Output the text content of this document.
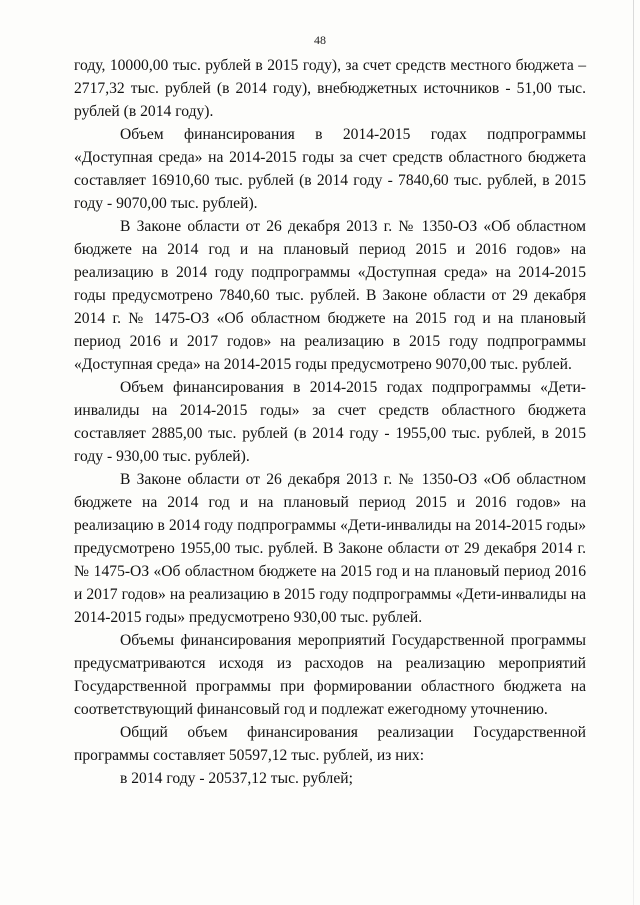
48

году, 10000,00 тыс. рублей в 2015 году), за счет средств местного бюджета – 2717,32 тыс. рублей (в 2014 году), внебюджетных источников - 51,00 тыс. рублей (в 2014 году).

Объем финансирования в 2014-2015 годах подпрограммы «Доступная среда» на 2014-2015 годы за счет средств областного бюджета составляет 16910,60 тыс. рублей (в 2014 году - 7840,60 тыс. рублей, в 2015 году - 9070,00 тыс. рублей).

В Законе области от 26 декабря 2013 г. № 1350-ОЗ «Об областном бюджете на 2014 год и на плановый период 2015 и 2016 годов» на реализацию в 2014 году подпрограммы «Доступная среда» на 2014-2015 годы предусмотрено 7840,60 тыс. рублей. В Законе области от 29 декабря 2014 г. № 1475-ОЗ «Об областном бюджете на 2015 год и на плановый период 2016 и 2017 годов» на реализацию в 2015 году подпрограммы «Доступная среда» на 2014-2015 годы предусмотрено 9070,00 тыс. рублей.

Объем финансирования в 2014-2015 годах подпрограммы «Дети-инвалиды на 2014-2015 годы» за счет средств областного бюджета составляет 2885,00 тыс. рублей (в 2014 году - 1955,00 тыс. рублей, в 2015 году - 930,00 тыс. рублей).

В Законе области от 26 декабря 2013 г. № 1350-ОЗ «Об областном бюджете на 2014 год и на плановый период 2015 и 2016 годов» на реализацию в 2014 году подпрограммы «Дети-инвалиды на 2014-2015 годы» предусмотрено 1955,00 тыс. рублей. В Законе области от 29 декабря 2014 г. № 1475-ОЗ «Об областном бюджете на 2015 год и на плановый период 2016 и 2017 годов» на реализацию в 2015 году подпрограммы «Дети-инвалиды на 2014-2015 годы» предусмотрено 930,00 тыс. рублей.

Объемы финансирования мероприятий Государственной программы предусматриваются исходя из расходов на реализацию мероприятий Государственной программы при формировании областного бюджета на соответствующий финансовый год и подлежат ежегодному уточнению.

Общий объем финансирования реализации Государственной программы составляет 50597,12 тыс. рублей, из них:

в 2014 году - 20537,12 тыс. рублей;
